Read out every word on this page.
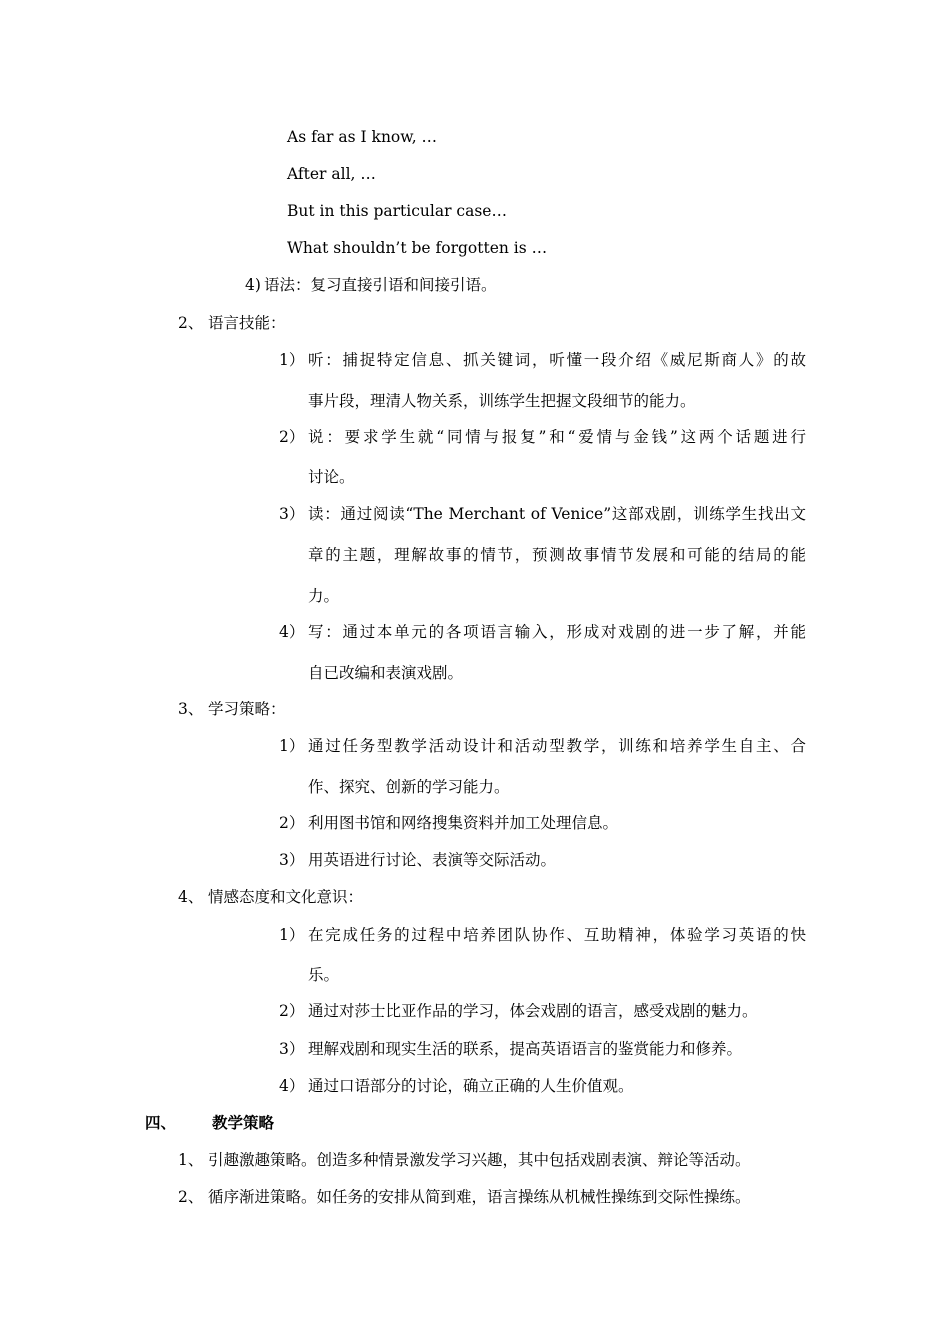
As far as I know, …
After all, …
But in this particular case…
What shouldn’t be forgotten is …
4) 语法：复习直接引语和间接引语。
2、 语言技能：
1） 听：捕捉特定信息、抓关键词，听懂一段介绍《威尼斯商人》的故
事片段，理清人物关系，训练学生把握文段细节的能力。
2） 说：要求学生就“同情与报复”和“爱情与金钱”这两个话题进行
讨论。
3） 读：通过阅读“The Merchant of Venice”这部戏剧，训练学生找出文
章的主题，理解故事的情节，预测故事情节发展和可能的结局的能
力。
4） 写：通过本单元的各项语言输入，形成对戏剧的进一步了解，并能
自已改编和表演戏剧。
3、 学习策略：
1） 通过任务型教学活动设计和活动型教学，训练和培养学生自主、合
作、探究、创新的学习能力。
2） 利用图书馆和网络搜集资料并加工处理信息。
3） 用英语进行讨论、表演等交际活动。
4、 情感态度和文化意识：
1） 在完成任务的过程中培养团队协作、互助精神，体验学习英语的快
乐。
2） 通过对莎士比亚作品的学习，体会戏剧的语言，感受戏剧的魅力。
3） 理解戏剧和现实生活的联系，提高英语语言的鉴赏能力和修养。
4） 通过口语部分的讨论，确立正确的人生价值观。
四、 教学策略
1、 引趣激趣策略。创造多种情景激发学习兴趣，其中包括戏剧表演、辩论等活动。
2、 循序渐进策略。如任务的安排从简到难，语言操练从机械性操练到交际性操练。
